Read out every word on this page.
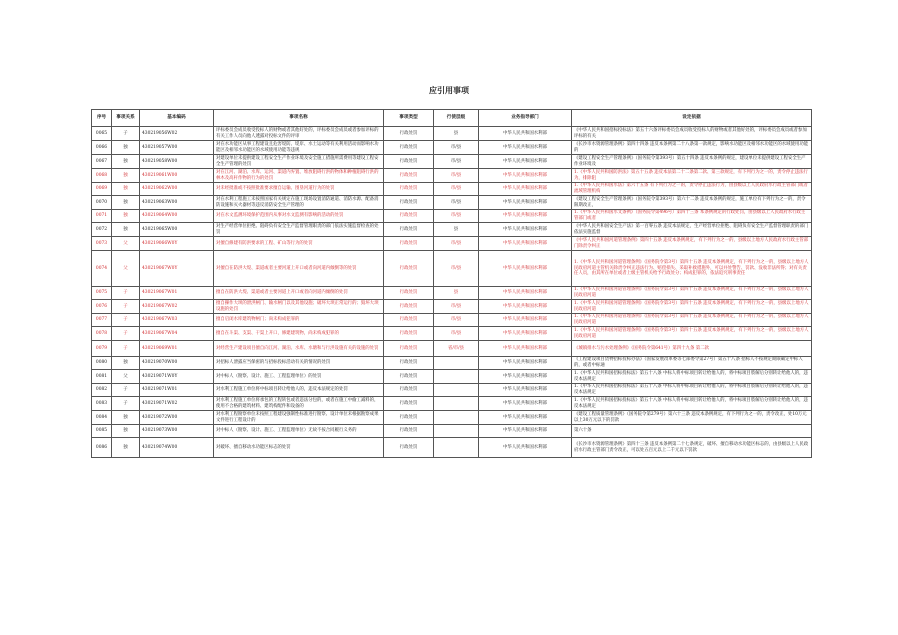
应引用事项
序号	事项关系	基本编码	事项名称	事项类型	行使层级	业务指导部门	设定依据
0065	子	430219056W02	评标委员会成员收受投标人的财物或者其他好处的，评标委员会成员或者参加评标的有关工作人员向他人透露对投标文件的评审	行政处罚	县	中华人民共和国水利部	《中华人民共和国招标投标法》第五十六条评标委员会成员收受投标人的财物或者其他好处的，评标委员会成员或者参加评标的有关
0066	独	430219057W00	对在水功能区从事工程建设且危害堤防、堤岸、水土运动等有关利用活动而影响水功能区及相邻水功能区的水域使用功能等违规	行政处罚	市/县	中华人民共和国水利部	《长沙市水资源管理条例》第四十四条 违反本条例第二十八条第一款规定，影响水功能区及相邻水功能区的水域使用功能的
0067	独	430219058W00	对建设单位未提供建设工程安全生产作业环境及安全施工措施所需费用等建设工程安全生产管理的处罚	行政处罚	市/县	中华人民共和国水利部	《建设工程安全生产管理条例》（国务院令第393号）第五十四条 违反本条例的规定，建设单位未提供建设工程安全生产作业环境及
0068	独	430219061W00	对在江河、湖泊、水库、运河、渠道内弃置、堆放阻碍行洪的物体和种植阻碍行洪的林木及高秆作物的行为的处罚	行政处罚	市/县	中华人民共和国水利部	1.《中华人民共和国防洪法》第五十五条 违反本法第二十二条第二款、第三款规定，有下列行为之一的，责令停止违法行为，排除阻
0069	独	430219062W00	对未经批准或不按照批准要求擅自运输、围垦河道行为的处罚	行政处罚	市/县	中华人民共和国水利部	1.《中华人民共和国水法》第六十五条 有下列行为之一的，责令停止违法行为，由县级以上人民政府水行政主管部门或者流域管理机构
0070	独	430219063W00	对在水利工程施工未按照国家有关规定在施工现场设置消防通道、消防水源、配备消防设施和灭火器材等违反消防安全生产管理的	行政处罚	市/县	中华人民共和国水利部	《建设工程安全生产管理条例》（国务院令第393号）第六十二条 违反本条例的规定，施工单位有下列行为之一的，责令限期改正，
0071	独	430219064W00	对在水文监测环境保护范围内从事对水文监测有影响的活动的处罚	行政处罚	市/县	中华人民共和国水利部	1.《中华人民共和国水文条例》（国务院令第496号）第四十三条 本条例规定的行政处罚，由县级以上人民政府水行政主管部门或者
0072	独	430219065W00	对生产经营单位拒绝、阻碍负有安全生产监督管理职责的部门依法实施监督检查的处罚	行政处罚	县	中华人民共和国水利部	《中华人民共和国安全生产法》第一百零五条 违反本法规定，生产经营单位拒绝、阻碍负有安全生产监督管理职责的部门依法实施监督
0073	父	430219066W0Y	对擅自修建有防洪要求的工程、矿山等行为的处罚	行政处罚	市/县	中华人民共和国水利部	《中华人民共和国河道管理条例》第四十五条 违反本条例规定，有下列行为之一的，县级以上地方人民政府水行政主管部门除责令纠正
0074	父	430219067W0Y	对擅自在防洪大堤、渠道或者主要河道上开口或者向河道内倾倒等的处罚	行政处罚	市/县	中华人民共和国水利部	1.《中华人民共和国河道管理条例》（国务院令第3号）第四十五条 违反本条例规定，有下列行为之一的，县级以上地方人民政府河道主管机关除责令纠正违法行为、赔偿损失、采取补救措施外，可以并处警告、罚款、没收非法所得；对有关责任人员，由其所在单位或者上级主管机关给予行政处分；构成犯罪的，依法追究刑事责任
0075	子	430219067W01	擅自在防洪大堤、渠道或者主要河道上开口或者向河道内倾倒的处罚	行政处罚	县	中华人民共和国水利部	1.《中华人民共和国河道管理条例》（国务院令第3号）第四十五条 违反本条例规定，有下列行为之一的，县级以上地方人民政府河道
0076	子	430219067W02	擅自操作大坝的泄洪闸门、输水闸门以及其他设施；破坏大坝正常运行的；毁坏大坝设施的处罚	行政处罚	市/县	中华人民共和国水利部	1.《中华人民共和国河道管理条例》（国务院令第3号）第四十五条 违反本条例规定，有下列行为之一的，县级以上地方人民政府河道
0077	子	430219067W03	擅自启闭水库建筑物闸门；尚未构成犯罪的	行政处罚	市/县	中华人民共和国水利部	1.《中华人民共和国河道管理条例》（国务院令第3号）第四十五条 违反本条例规定，有下列行为之一的，县级以上地方人民政府河道
0078	子	430219067W04	擅自在斗渠、支渠、干渠上开口，修建建筑物，尚未构成犯罪的	行政处罚	市/县	中华人民共和国水利部	1.《中华人民共和国河道管理条例》（国务院令第3号）第四十五条 违反本条例规定，有下列行为之一的，县级以上地方人民政府河道
0079	子	430219069W01	对经营生产建设项目擅自向江河、湖泊、水库、水塘和与行洪设施有关的设施的处罚	行政处罚	省/市/县	中华人民共和国水利部	《城镇排水与污水处理条例》（国务院令第641号）第四十九条 第二款
0080	独	430219070W00	对招标人泄露应当保密的与招标投标活动有关的情况的处罚	行政处罚		中华人民共和国水利部	《工程建设项目货物招标投标办法》（国家发展改革委等七部委令第27号）第五十八条 招标人不按规定期限确定中标人的，或者中标通
0081	父	430219071W0Y	对中标人（勘察、设计、施工、工程监理单位）的处罚	行政处罚		中华人民共和国水利部	1.《中华人民共和国招标投标法》第五十八条 中标人将中标项目转让给他人的，将中标项目肢解后分别转让给他人的，违反本法规定
0082	子	430219071W01	对水利工程施工单位将中标项目转让给他人的，违反本法规定的处罚	行政处罚		中华人民共和国水利部	1.《中华人民共和国招标投标法》第五十八条 中标人将中标项目转让给他人的，将中标项目肢解后分别转让给他人的，违反本法规定
0083	子	430219071W02	对水利工程施工单位将承包的工程转包或者违法分包的，或者在施工中偷工减料的，使用不合格的建筑材料、建筑构配件和设备的	行政处罚		中华人民共和国水利部	1.《中华人民共和国招标投标法》第五十八条 中标人将中标项目转让给他人的，将中标项目肢解后分别转让给他人的，违反本法规定
0084	独	430219072W00	对水利工程勘察单位未按照工程建设强制性标准进行勘察、设计单位未根据勘察成果文件进行工程设计的	行政处罚		中华人民共和国水利部	《建设工程质量管理条例》（国务院令第279号）第六十三条 违反本条例规定，有下列行为之一的，责令改正，处10万元以上30万元以下的罚款
0085	独	430219073W00	对中标人（勘察、设计、施工、工程监理单位）无故不按合同履行义务的	行政处罚		中华人民共和国水利部	第六十条
0086	独	430219074W00	对破坏、擅自移动水功能区标志的处罚	行政处罚		中华人民共和国水利部	《长沙市水资源管理条例》第四十三条 违反本条例第二十七条规定，破坏、擅自移动水功能区标志的，由县级以上人民政府水行政主管部门责令改正，可以处五百元以上二千元以下罚款
